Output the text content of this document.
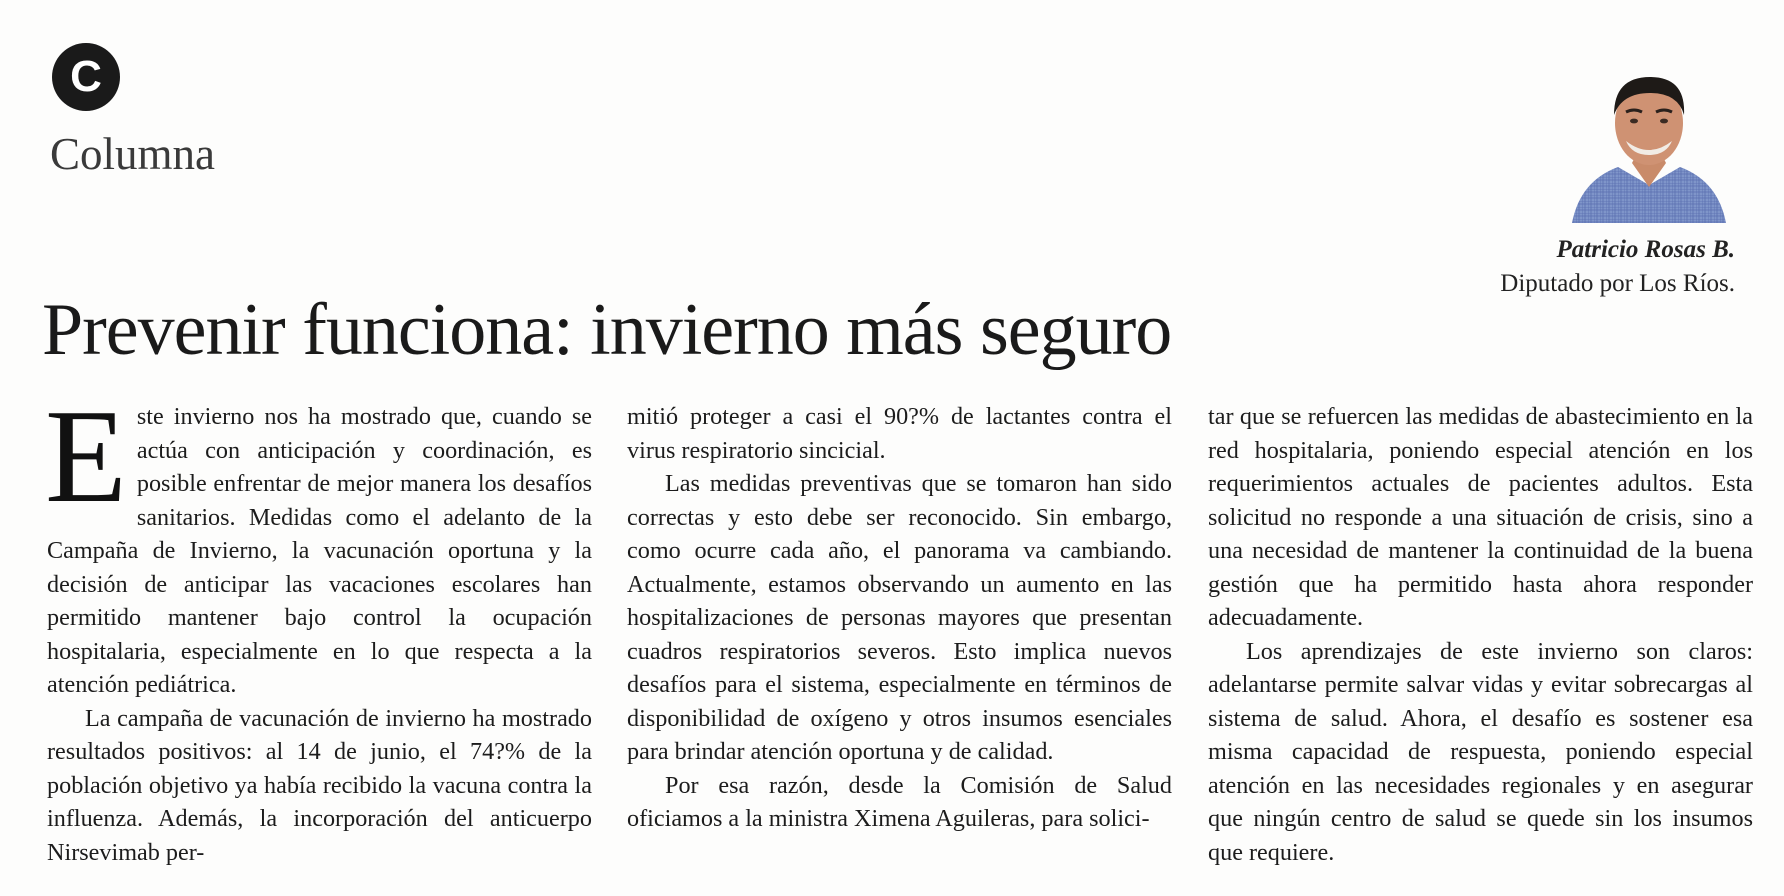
C
Columna
Patricio Rosas B.
Diputado por Los Ríos.
Prevenir funciona: invierno más seguro

Este invierno nos ha mostrado que, cuando se actúa con anticipación y coordinación, es posible enfrentar de mejor manera los desafíos sanitarios. Medidas como el adelanto de la Campaña de Invierno, la vacunación oportuna y la decisión de anticipar las vacaciones escolares han permitido mantener bajo control la ocupación hospitalaria, especialmente en lo que respecta a la atención pediátrica.

La campaña de vacunación de invierno ha mostrado resultados positivos: al 14 de junio, el 74?% de la población objetivo ya había recibido la vacuna contra la influenza. Además, la incorporación del anticuerpo Nirsevimab per-

mitió proteger a casi el 90?% de lactantes contra el virus respiratorio sincicial.

Las medidas preventivas que se tomaron han sido correctas y esto debe ser reconocido. Sin embargo, como ocurre cada año, el panorama va cambiando. Actualmente, estamos observando un aumento en las hospitalizaciones de personas mayores que presentan cuadros respiratorios severos. Esto implica nuevos desafíos para el sistema, especialmente en términos de disponibilidad de oxígeno y otros insumos esenciales para brindar atención oportuna y de calidad.

Por esa razón, desde la Comisión de Salud oficiamos a la ministra Ximena Aguileras, para solici-

tar que se refuercen las medidas de abastecimiento en la red hospitalaria, poniendo especial atención en los requerimientos actuales de pacientes adultos. Esta solicitud no responde a una situación de crisis, sino a una necesidad de mantener la continuidad de la buena gestión que ha permitido hasta ahora responder adecuadamente.

Los aprendizajes de este invierno son claros: adelantarse permite salvar vidas y evitar sobrecargas al sistema de salud. Ahora, el desafío es sostener esa misma capacidad de respuesta, poniendo especial atención en las necesidades regionales y en asegurar que ningún centro de salud se quede sin los insumos que requiere.
